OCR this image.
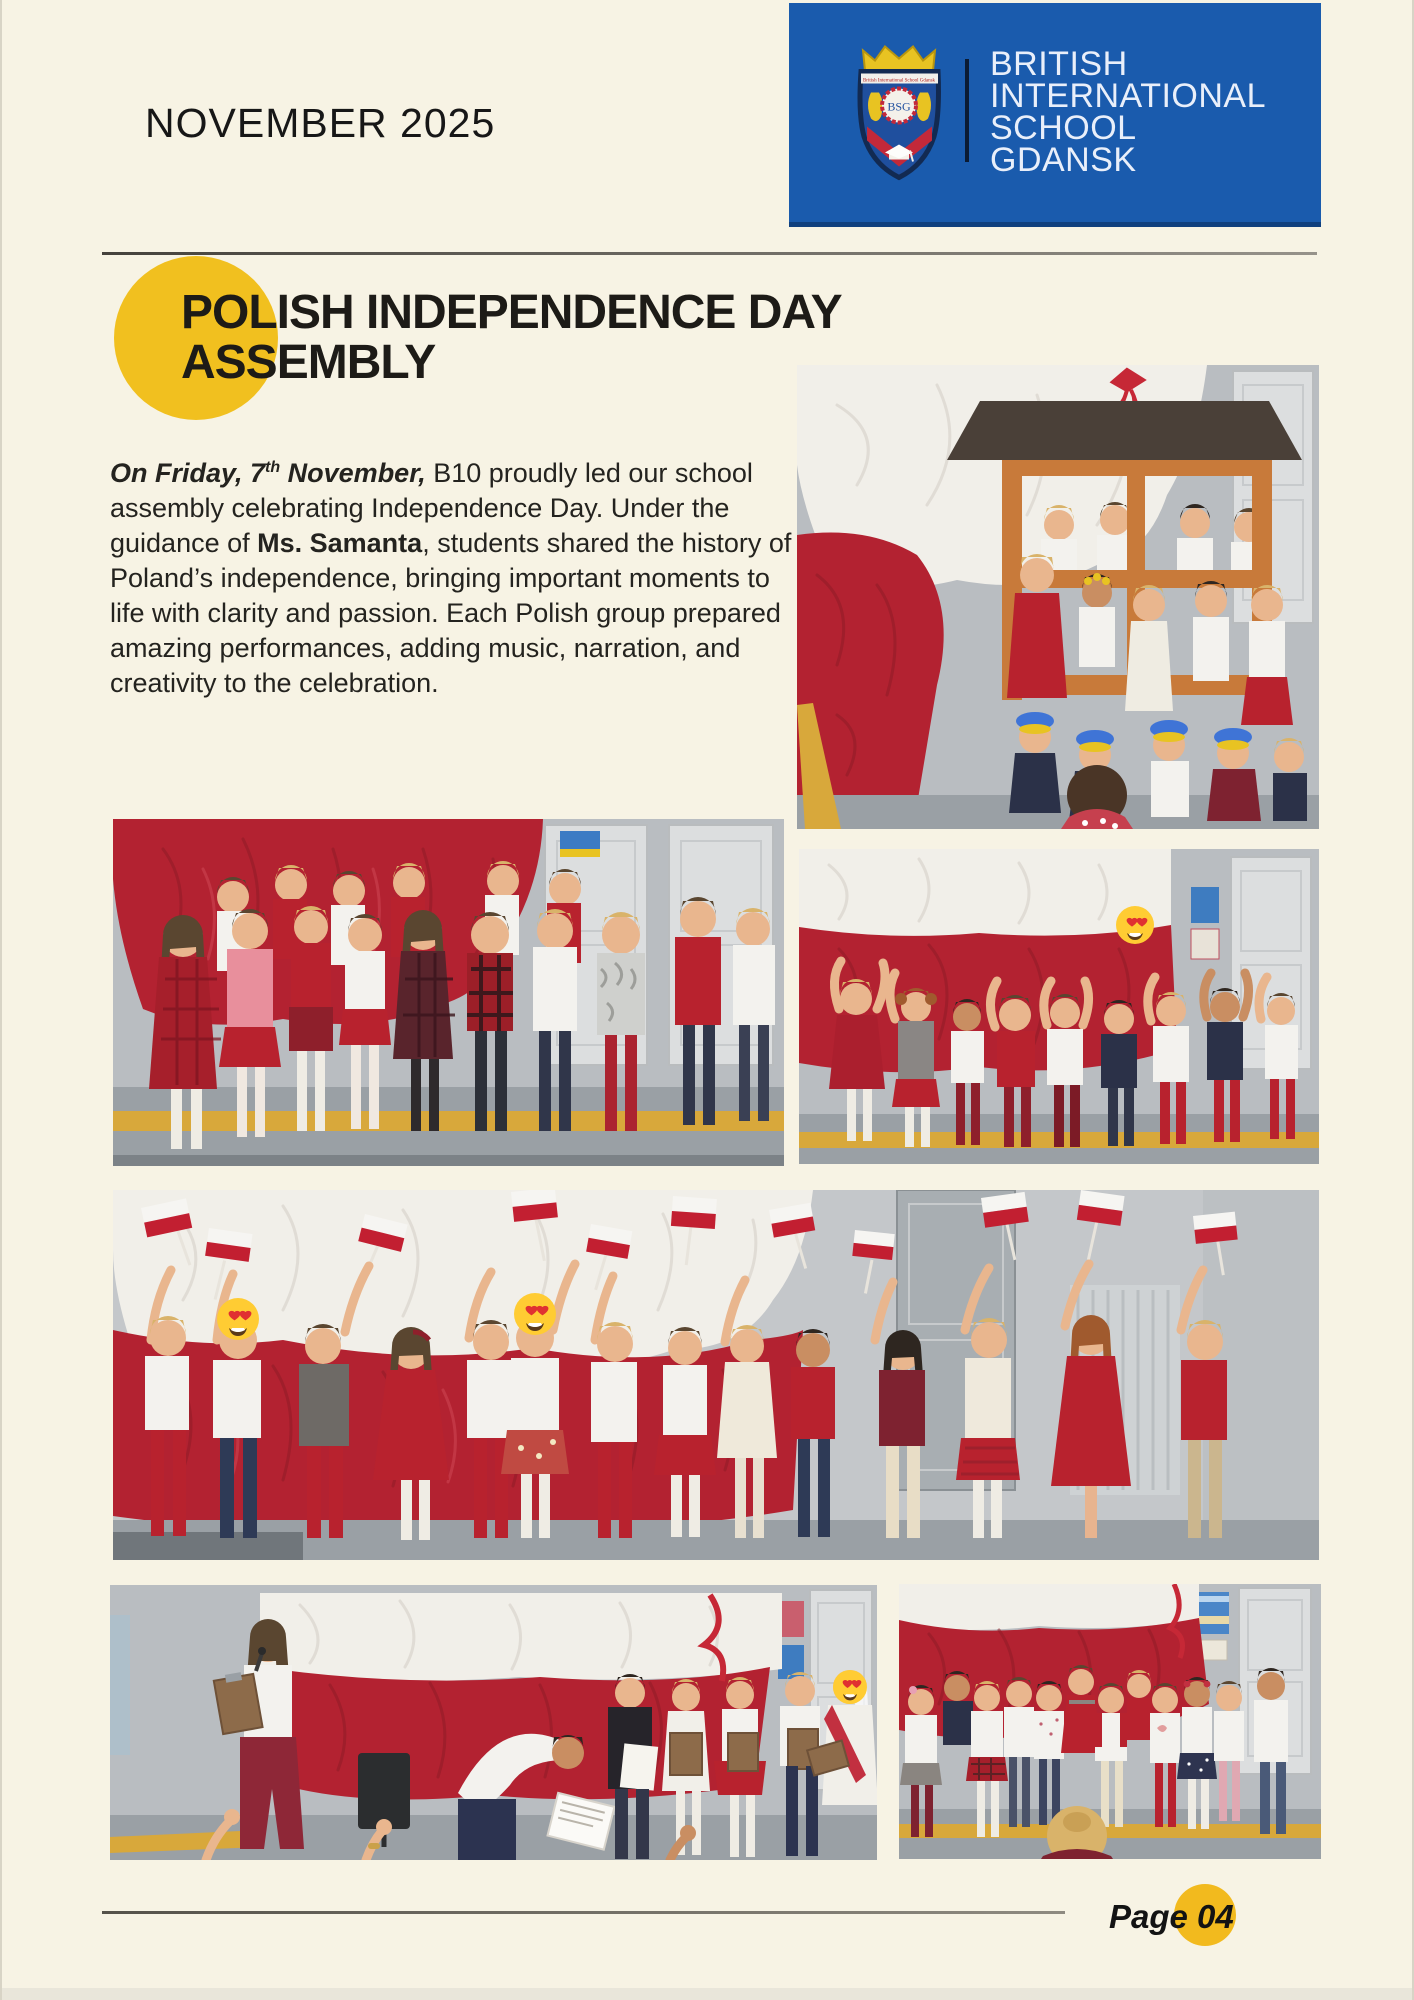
NOVEMBER 2025
British International School Gdansk
BSG
BRITISH
INTERNATIONAL
SCHOOL
GDANSK
POLISH INDEPENDENCE DAY
ASSEMBLY

On Friday, 7th November, B10 proudly led our school assembly celebrating Independence Day. Under the guidance of Ms. Samanta, students shared the history of Poland’s independence, bringing important moments to life with clarity and passion. Each Polish group prepared amazing performances, adding music, narration, and creativity to the celebration.

Page 04
